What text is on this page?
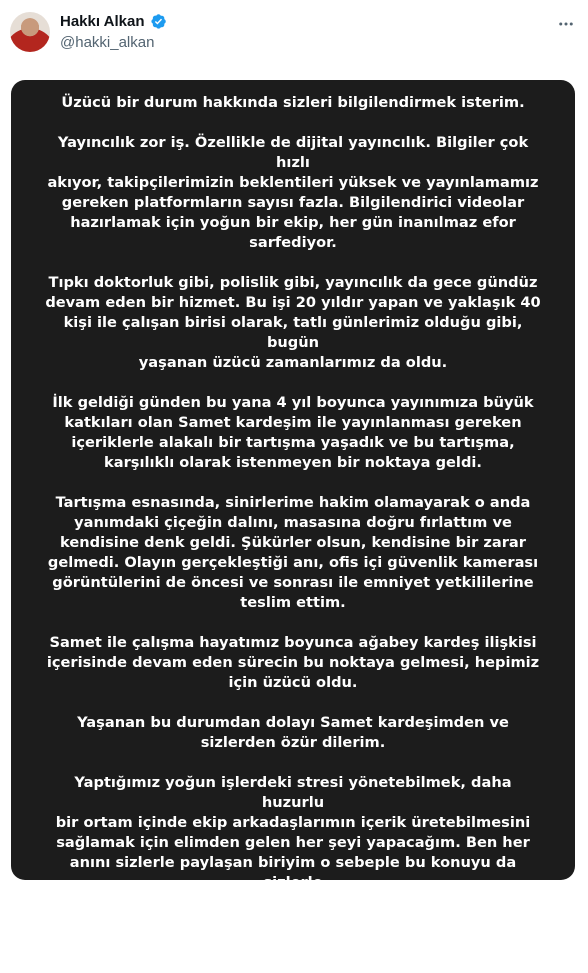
Hakkı Alkan
@hakki_alkan

Üzücü bir durum hakkında sizleri bilgilendirmek isterim.

Yayıncılık zor iş. Özellikle de dijital yayıncılık. Bilgiler çok hızlı
akıyor, takipçilerimizin beklentileri yüksek ve yayınlamamız
gereken platformların sayısı fazla. Bilgilendirici videolar
hazırlamak için yoğun bir ekip, her gün inanılmaz efor
sarfediyor.

Tıpkı doktorluk gibi, polislik gibi, yayıncılık da gece gündüz
devam eden bir hizmet. Bu işi 20 yıldır yapan ve yaklaşık 40
kişi ile çalışan birisi olarak, tatlı günlerimiz olduğu gibi, bugün
yaşanan üzücü zamanlarımız da oldu.

İlk geldiği günden bu yana 4 yıl boyunca yayınımıza büyük
katkıları olan Samet kardeşim ile yayınlanması gereken
içeriklerle alakalı bir tartışma yaşadık ve bu tartışma,
karşılıklı olarak istenmeyen bir noktaya geldi.

Tartışma esnasında, sinirlerime hakim olamayarak o anda
yanımdaki çiçeğin dalını, masasına doğru fırlattım ve
kendisine denk geldi. Şükürler olsun, kendisine bir zarar
gelmedi. Olayın gerçekleştiği anı, ofis içi güvenlik kamerası
görüntülerini de öncesi ve sonrası ile emniyet yetkililerine
teslim ettim.

Samet ile çalışma hayatımız boyunca ağabey kardeş ilişkisi
içerisinde devam eden sürecin bu noktaya gelmesi, hepimiz
için üzücü oldu.

Yaşanan bu durumdan dolayı Samet kardeşimden ve
sizlerden özür dilerim.

Yaptığımız yoğun işlerdeki stresi yönetebilmek, daha huzurlu
bir ortam içinde ekip arkadaşlarımın içerik üretebilmesini
sağlamak için elimden gelen her şeyi yapacağım. Ben her
anını sizlerle paylaşan biriyim o sebeple bu konuyu da sizlerle
paylaşmak istedim.

Saygılarımla.
